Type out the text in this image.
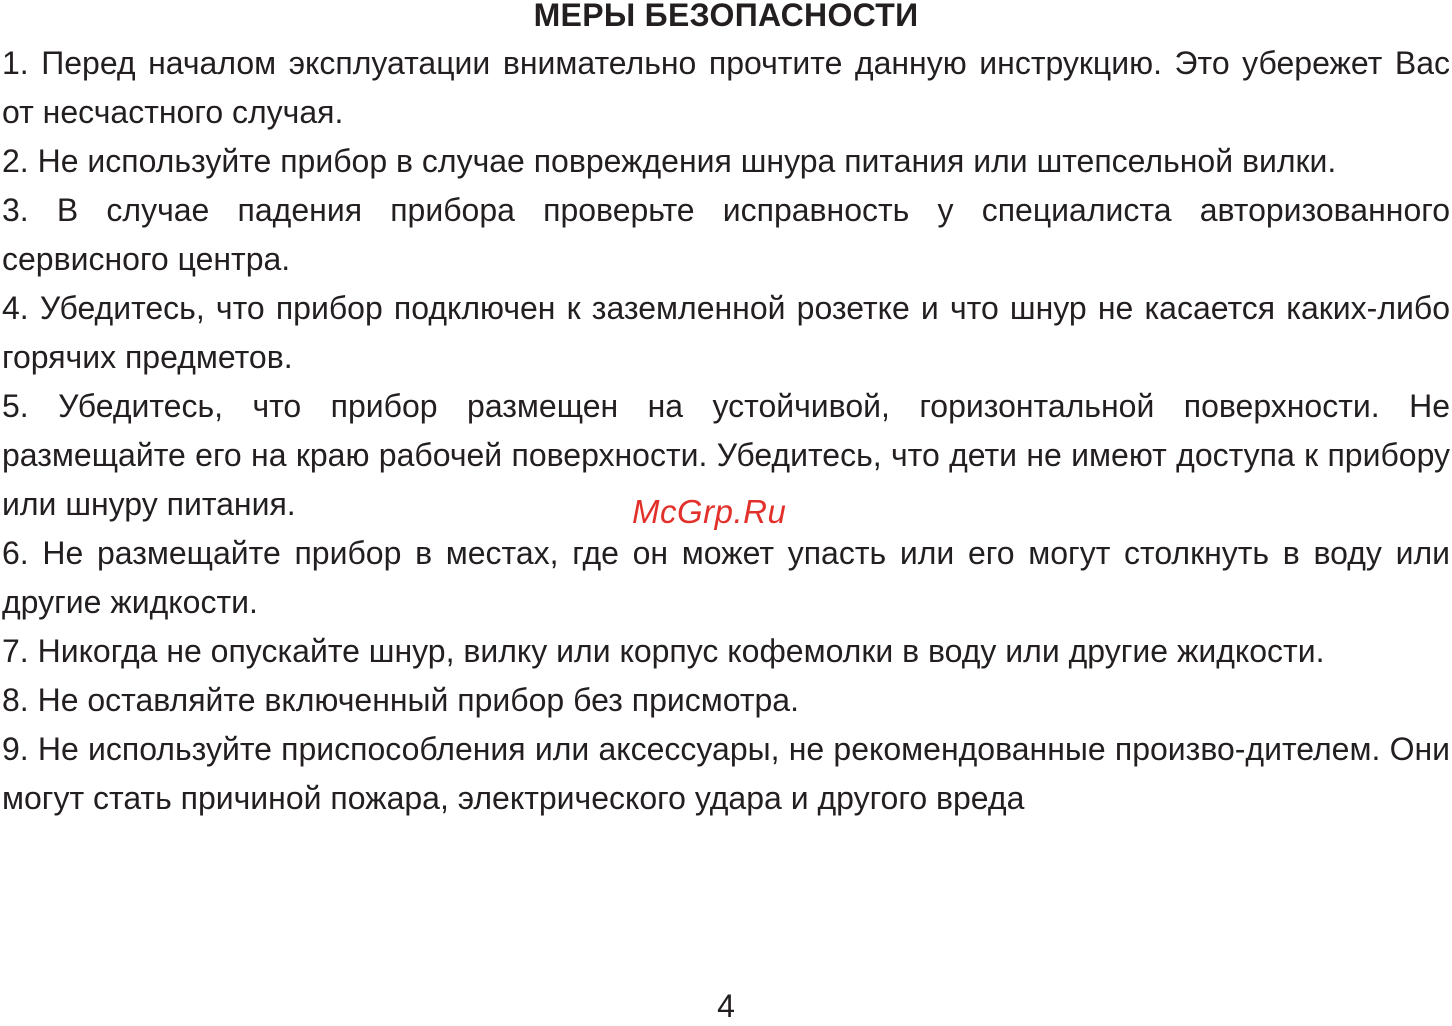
МЕРЫ БЕЗОПАСНОСТИ
1. Перед началом эксплуатации внимательно прочтите данную инструкцию. Это убережет Вас от несчастного случая.
2. Не используйте прибор в случае повреждения шнура питания или штепсельной вилки.
3. В случае падения прибора проверьте исправность у специалиста авторизованного сервисного центра.
4. Убедитесь, что прибор подключен к заземленной розетке и что шнур не касается каких-либо горячих предметов.
5. Убедитесь, что прибор размещен на устойчивой, горизонтальной поверхности. Не размещайте его на краю рабочей поверхности. Убедитесь, что дети не имеют доступа к прибору или шнуру питания.
6. Не размещайте прибор в местах, где он может упасть или его могут столкнуть в воду или другие жидкости.
7. Никогда не опускайте шнур, вилку или корпус кофемолки в воду или другие жидкости.
8. Не оставляйте включенный прибор без присмотра.
9. Не используйте приспособления или аксессуары, не рекомендованные произво-дителем. Они могут стать причиной пожара, электрического удара и другого вреда
McGrp.Ru
4
